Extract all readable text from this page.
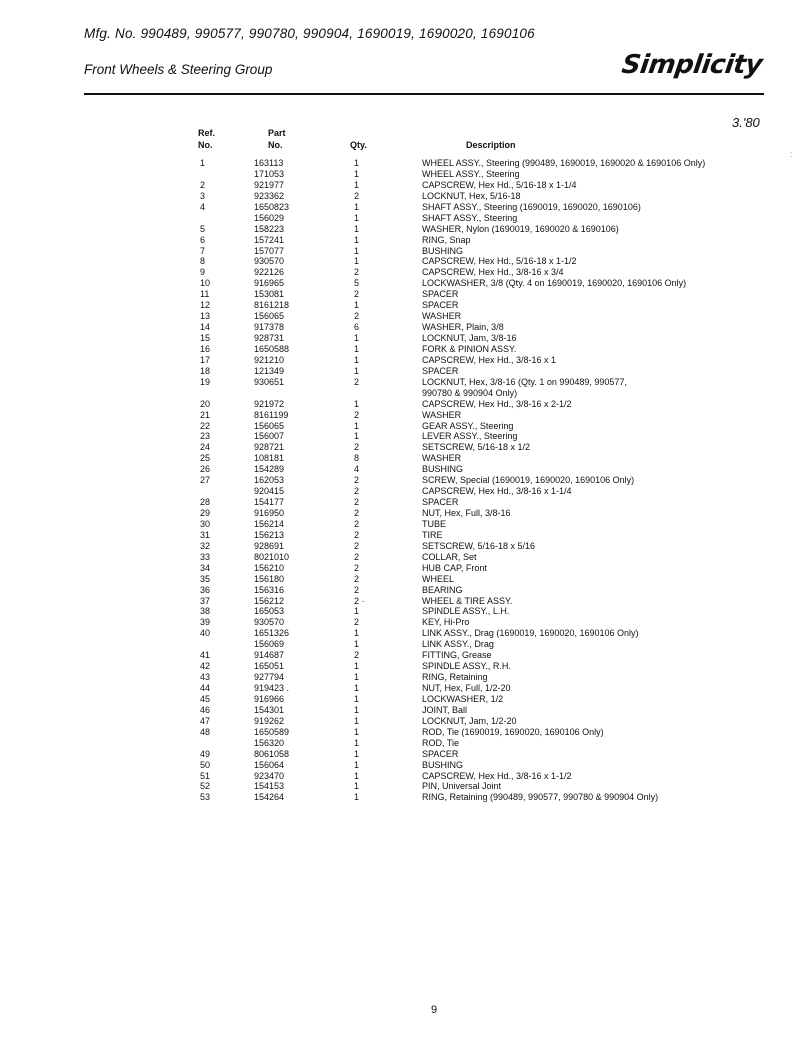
Mfg. No. 990489, 990577, 990780, 990904, 1690019, 1690020, 1690106
Front Wheels & Steering Group	Simplicity
3.'80
Ref.
No.
Part
No.	Qty.	Description
1	163113	1	WHEEL ASSY., Steering (990489, 1690019, 1690020 & 1690106 Only)
171053	1	WHEEL ASSY., Steering
2	921977	1	CAPSCREW, Hex Hd., 5/16-18 x 1-1/4
3	923362	2	LOCKNUT, Hex, 5/16-18
4	1650823	1	SHAFT ASSY., Steering (1690019, 1690020, 1690106)
156029	1	SHAFT ASSY., Steering
5	158223	1	WASHER, Nylon (1690019, 1690020 & 1690106)
6	157241	1	RING, Snap
7	157077	1	BUSHING
8	930570	1	CAPSCREW, Hex Hd., 5/16-18 x 1-1/2
9	922126	2	CAPSCREW, Hex Hd., 3/8-16 x 3/4
10	916965	5	LOCKWASHER, 3/8 (Qty. 4 on 1690019, 1690020, 1690106 Only)
11	153081	2	SPACER
12	8161218	1	SPACER
13	156065	2	WASHER
14	917378	6	WASHER, Plain, 3/8
15	928731	1	LOCKNUT, Jam, 3/8-16
16	1650588	1	FORK & PINION ASSY.
17	921210	1	CAPSCREW, Hex Hd., 3/8-16 x 1
18	121349	1	SPACER
19	930651	2	LOCKNUT, Hex, 3/8-16 (Qty. 1 on 990489, 990577,
990780 & 990904 Only)
20	921972	1	CAPSCREW, Hex Hd., 3/8-16 x 2-1/2
21	8161199	2	WASHER
22	156065	1	GEAR ASSY., Steering
23	156007	1	LEVER ASSY., Steering
24	928721	2	SETSCREW, 5/16-18 x 1/2
25	108181	8	WASHER
26	154289	4	BUSHING
27	162053	2	SCREW, Special (1690019, 1690020, 1690106 Only)
920415	2	CAPSCREW, Hex Hd., 3/8-16 x 1-1/4
28	154177	2	SPACER
29	916950	2	NUT, Hex, Full, 3/8-16
30	156214	2	TUBE
31	156213	2	TIRE
32	928691	2	SETSCREW, 5/16-18 x 5/16
33	8021010	2	COLLAR, Set
34	156210	2	HUB CAP, Front
35	156180	2	WHEEL
36	156316	2	BEARING
37	156212	2 ·	WHEEL & TIRE ASSY.
38	165053	1	SPINDLE ASSY., L.H.
39	930570	2	KEY, Hi-Pro
40	1651326	1	LINK ASSY., Drag (1690019, 1690020, 1690106 Only)
156069	1	LINK ASSY., Drag
41	914687	2	FITTING, Grease
42	165051	1	SPINDLE ASSY., R.H.
43	927794	1	RING, Retaining
44	919423 .	1	NUT, Hex, Full, 1/2-20
45	916966	1	LOCKWASHER, 1/2
46	154301	1	JOINT, Ball
47	919262	1	LOCKNUT, Jam, 1/2-20
48	1650589	1	ROD, Tie (1690019, 1690020, 1690106 Only)
156320	1	ROD, Tie
49	8061058	1	SPACER
50	156064	1	BUSHING
51	923470	1	CAPSCREW, Hex Hd., 3/8-16 x 1-1/2
52	154153	1	PIN, Universal Joint
53	154264	1	RING, Retaining (990489, 990577, 990780 & 990904 Only)
9
:
